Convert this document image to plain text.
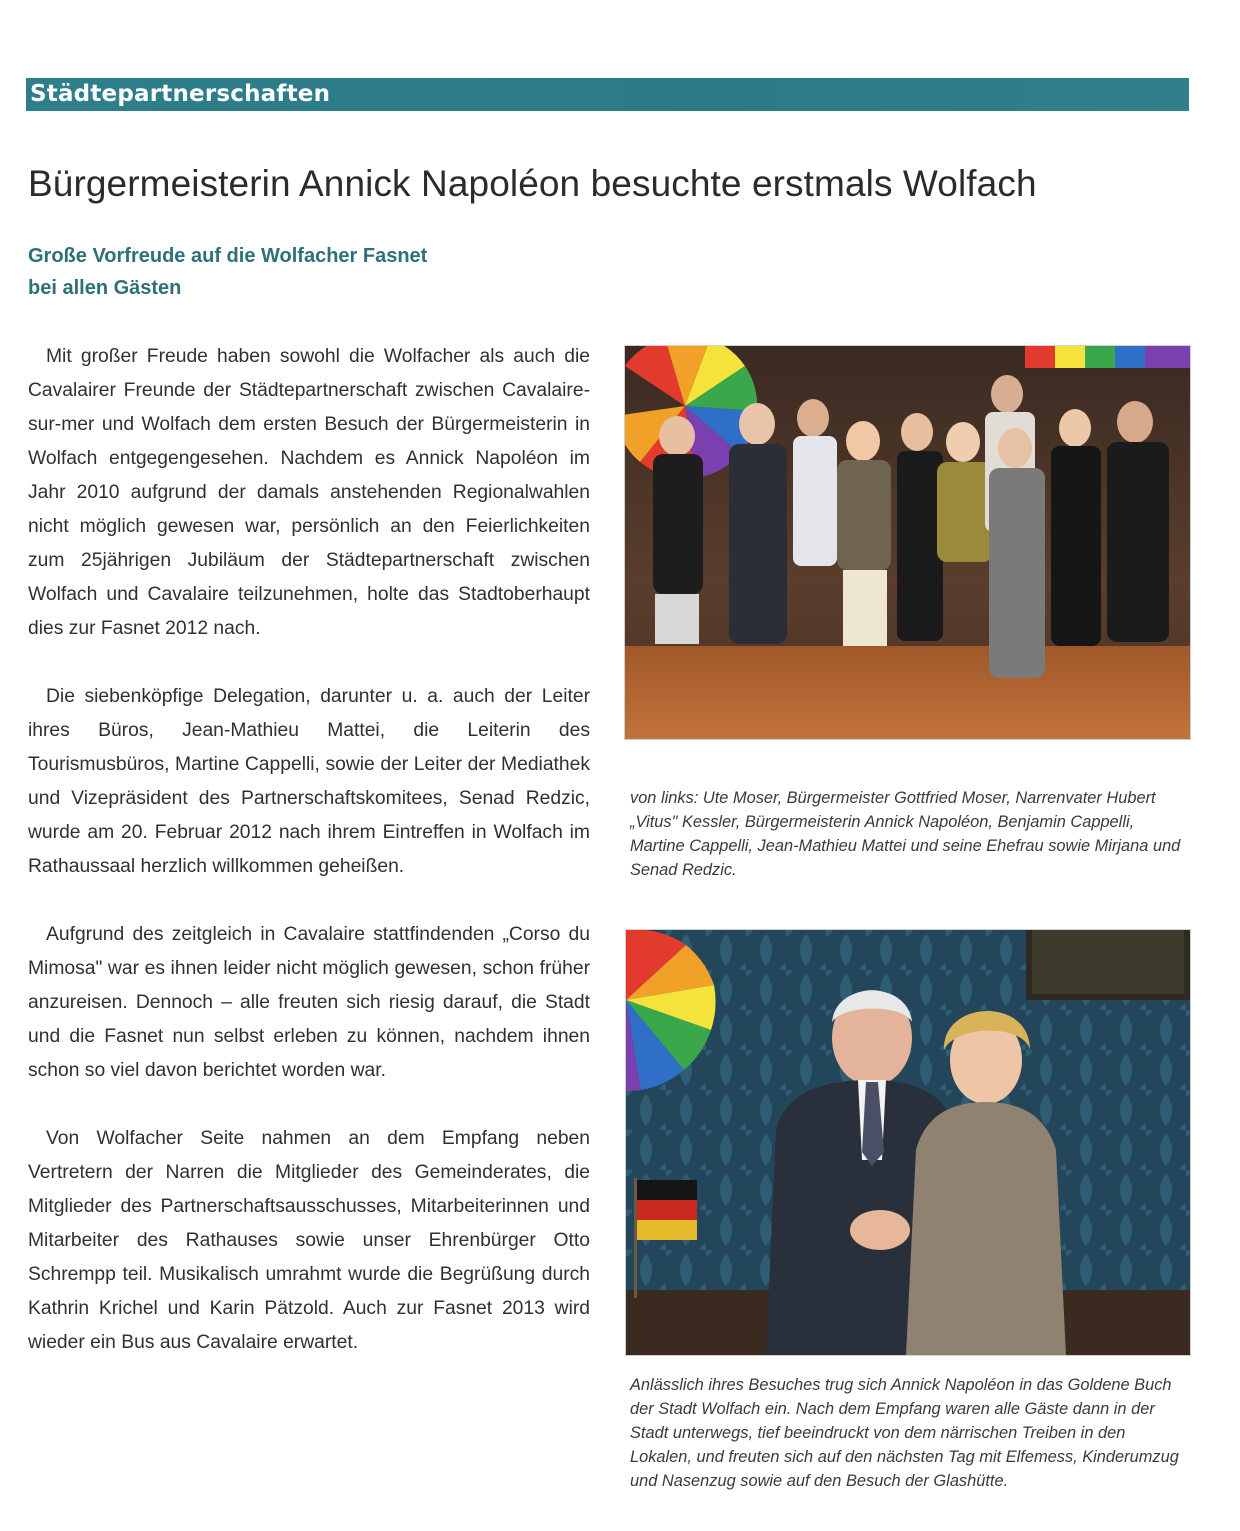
Städtepartnerschaften
Bürgermeisterin Annick Napoléon besuchte erstmals Wolfach
Große Vorfreude auf die Wolfacher Fasnet
bei allen Gästen

Mit großer Freude haben sowohl die Wolfacher als auch die Cavalairer Freunde der Städtepartnerschaft zwischen Cavalaire-sur-mer und Wolfach dem ersten Besuch der Bürgermeisterin in Wolfach entgegengesehen. Nachdem es Annick Napoléon im Jahr 2010 aufgrund der damals anstehenden Regionalwahlen nicht möglich gewesen war, persönlich an den Feierlichkeiten zum 25jährigen Jubiläum der Städtepartnerschaft zwischen Wolfach und Cavalaire teilzunehmen, holte das Stadtoberhaupt dies zur Fasnet 2012 nach.

Die siebenköpfige Delegation, darunter u. a. auch der Leiter ihres Büros, Jean-Mathieu Mattei, die Leiterin des Tourismusbüros, Martine Cappelli, sowie der Leiter der Mediathek und Vizepräsident des Partnerschaftskomitees, Senad Redzic, wurde am 20. Februar 2012 nach ihrem Eintreffen in Wolfach im Rathaussaal herzlich willkommen geheißen.

Aufgrund des zeitgleich in Cavalaire stattfindenden „Corso du Mimosa" war es ihnen leider nicht möglich gewesen, schon früher anzureisen. Dennoch – alle freuten sich riesig darauf, die Stadt und die Fasnet nun selbst erleben zu können, nachdem ihnen schon so viel davon berichtet worden war.

Von Wolfacher Seite nahmen an dem Empfang neben Vertretern der Narren die Mitglieder des Gemeinderates, die Mitglieder des Partnerschaftsausschusses, Mitarbeiterinnen und Mitarbeiter des Rathauses sowie unser Ehrenbürger Otto Schrempp teil. Musikalisch umrahmt wurde die Begrüßung durch Kathrin Krichel und Karin Pätzold. Auch zur Fasnet 2013 wird wieder ein Bus aus Cavalaire erwartet.

von links: Ute Moser, Bürgermeister Gottfried Moser, Narrenvater Hubert „Vitus" Kessler, Bürgermeisterin Annick Napoléon, Benjamin Cappelli, Martine Cappelli, Jean-Mathieu Mattei und seine Ehefrau sowie Mirjana und Senad Redzic.
Anlässlich ihres Besuches trug sich Annick Napoléon in das Goldene Buch der Stadt Wolfach ein. Nach dem Empfang waren alle Gäste dann in der Stadt unterwegs, tief beeindruckt von dem närrischen Treiben in den Lokalen, und freuten sich auf den nächsten Tag mit Elfemess, Kinderumzug und Nasenzug sowie auf den Besuch der Glashütte.
